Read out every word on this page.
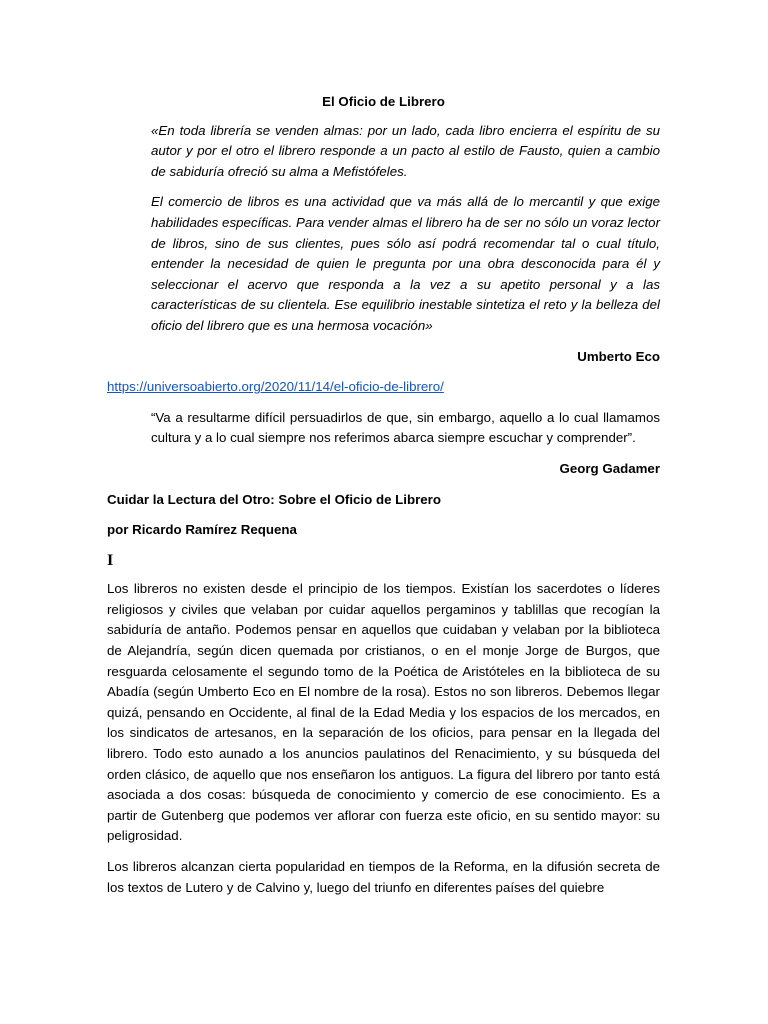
El Oficio de Librero

«En toda librería se venden almas: por un lado, cada libro encierra el espíritu de su autor y por el otro el librero responde a un pacto al estilo de Fausto, quien a cambio de sabiduría ofreció su alma a Mefistófeles.

El comercio de libros es una actividad que va más allá de lo mercantil y que exige habilidades específicas. Para vender almas el librero ha de ser no sólo un voraz lector de libros, sino de sus clientes, pues sólo así podrá recomendar tal o cual título, entender la necesidad de quien le pregunta por una obra desconocida para él y seleccionar el acervo que responda a la vez a su apetito personal y a las características de su clientela. Ese equilibrio inestable sintetiza el reto y la belleza del oficio del librero que es una hermosa vocación»

Umberto Eco
https://universoabierto.org/2020/11/14/el-oficio-de-librero/
“Va a resultarme difícil persuadirlos de que, sin embargo, aquello a lo cual llamamos cultura y a lo cual siempre nos referimos abarca siempre escuchar y comprender”.
Georg Gadamer
Cuidar la Lectura del Otro: Sobre el Oficio de Librero
por Ricardo Ramírez Requena
I

Los libreros no existen desde el principio de los tiempos. Existían los sacerdotes o líderes religiosos y civiles que velaban por cuidar aquellos pergaminos y tablillas que recogían la sabiduría de antaño. Podemos pensar en aquellos que cuidaban y velaban por la biblioteca de Alejandría, según dicen quemada por cristianos, o en el monje Jorge de Burgos, que resguarda celosamente el segundo tomo de la Poética de Aristóteles en la biblioteca de su Abadía (según Umberto Eco en El nombre de la rosa). Estos no son libreros. Debemos llegar quizá, pensando en Occidente, al final de la Edad Media y los espacios de los mercados, en los sindicatos de artesanos, en la separación de los oficios, para pensar en la llegada del librero. Todo esto aunado a los anuncios paulatinos del Renacimiento, y su búsqueda del orden clásico, de aquello que nos enseñaron los antiguos. La figura del librero por tanto está asociada a dos cosas: búsqueda de conocimiento y comercio de ese conocimiento. Es a partir de Gutenberg que podemos ver aflorar con fuerza este oficio, en su sentido mayor: su peligrosidad.

Los libreros alcanzan cierta popularidad en tiempos de la Reforma, en la difusión secreta de los textos de Lutero y de Calvino y, luego del triunfo en diferentes países del quiebre
